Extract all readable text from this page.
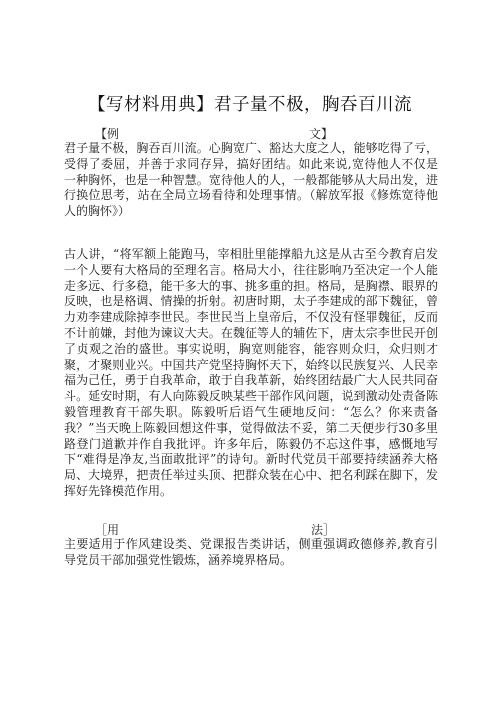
【写材料用典】君子量不极，胸吞百川流
【例	文】
君子量不极，胸吞百川流。心胸宽广、豁达大度之人，能够吃得了亏，受得了委屈，并善于求同存异，搞好团结。如此来说,宽待他人不仅是一种胸怀，也是一种智慧。宽待他人的人，一般都能够从大局出发，进行换位思考，站在全局立场看待和处理事情。（解放军报《修炼宽待他人的胸怀》）
古人讲，“将军额上能跑马，宰相肚里能撑船九这是从古至今教育启发一个人要有大格局的至理名言。格局大小，往往影响乃至决定一个人能走多远、行多稳，能干多大的事、挑多重的担。格局，是胸襟、眼界的反映，也是格调、情操的折射。初唐时期，太子李建成的部下魏征，曾力劝李建成除掉李世民。李世民当上皇帝后，不仅没有怪罪魏征，反而不计前嫌，封他为谏议大夫。在魏征等人的辅佐下，唐太宗李世民开创了贞观之治的盛世。事实说明，胸宽则能容，能容则众归，众归则才聚，才聚则业兴。中国共产党坚持胸怀天下，始终以民族复兴、人民幸福为己任，勇于自我革命，敢于自我革新，始终团结最广大人民共同奋斗。延安时期，有人向陈毅反映某些干部作风问题，说到激动处责备陈毅管理教育干部失职。陈毅听后语气生硬地反问：“怎么？你来责备我？”当天晚上陈毅回想这件事，觉得做法不妥，第二天便步行30多里路登门道歉并作自我批评。许多年后，陈毅仍不忘这件事，感慨地写下“难得是净友,当面敢批评”的诗句。新时代党员干部要持续涵养大格局、大境界，把责任举过头顶、把群众装在心中、把名利踩在脚下，发挥好先锋模范作用。
［用	法］
主要适用于作风建设类、党课报告类讲话，侧重强调政德修养,教育引导党员干部加强党性锻炼，涵养境界格局。
